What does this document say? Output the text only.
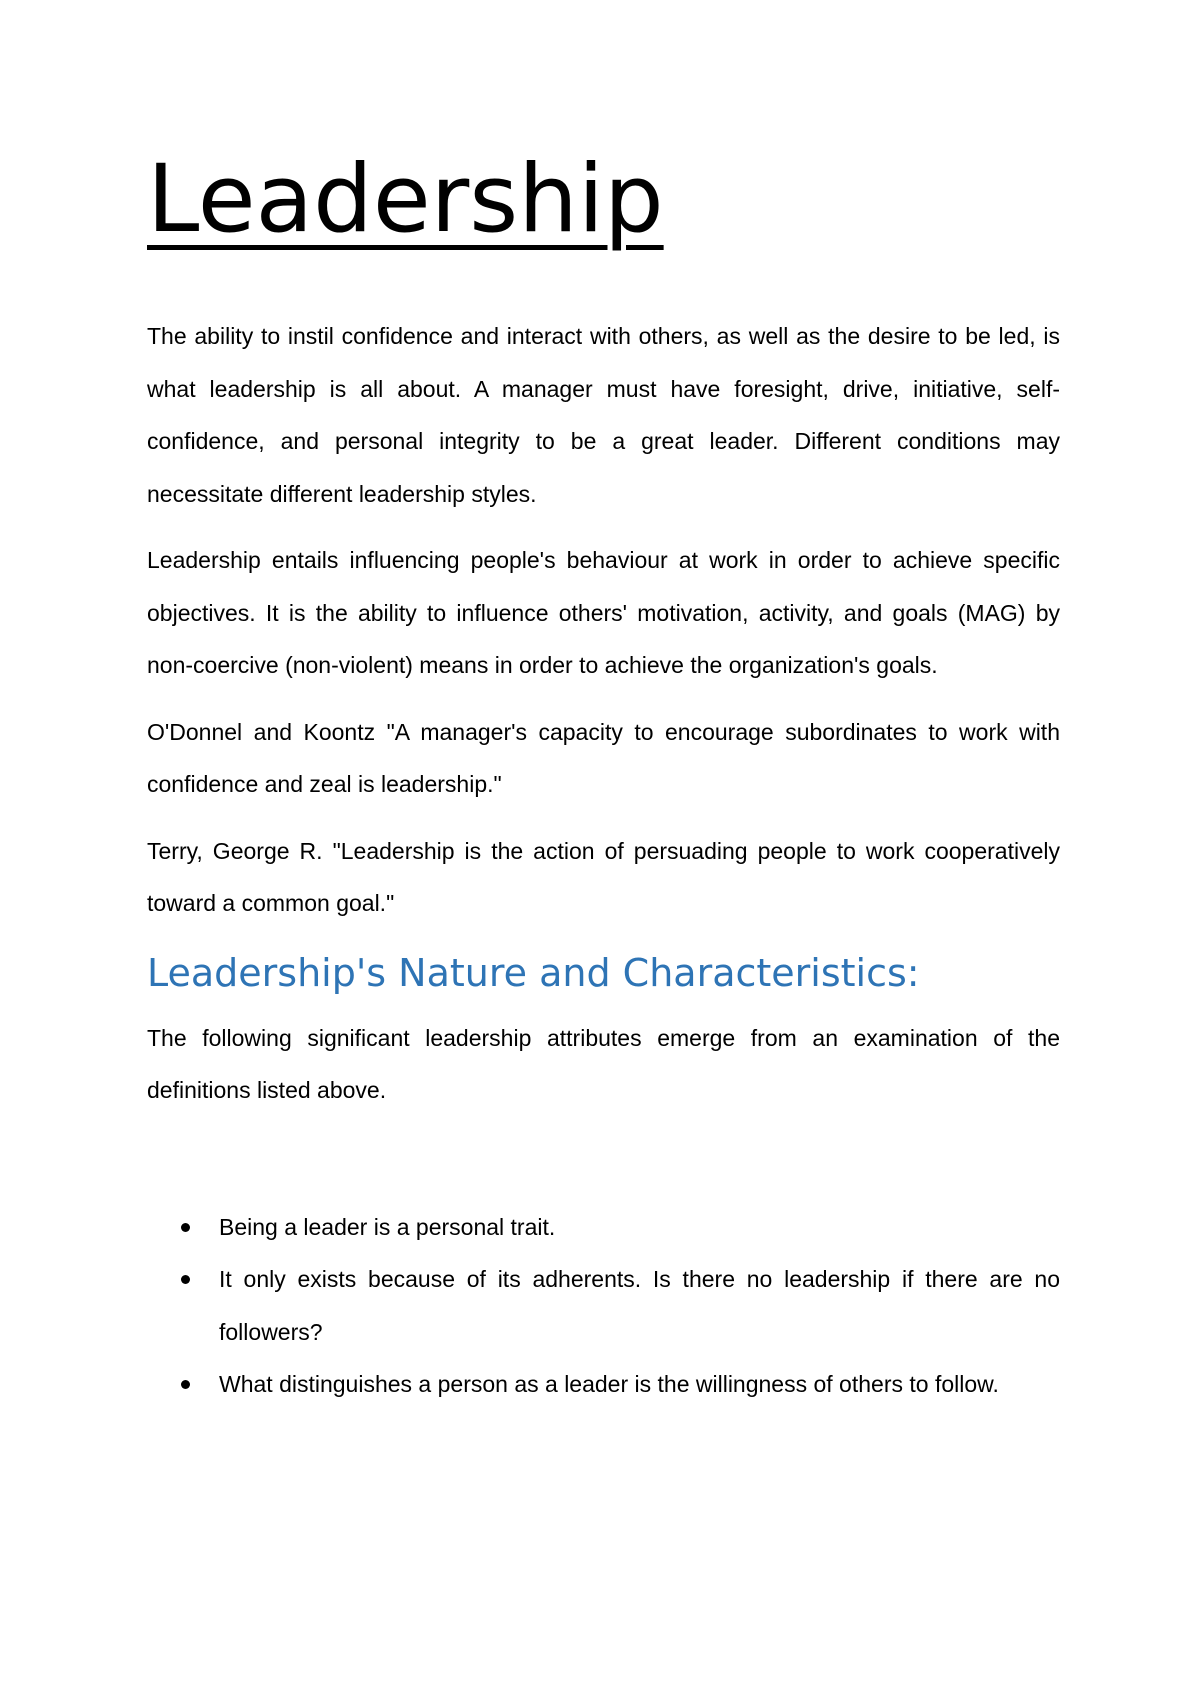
Leadership

The ability to instil confidence and interact with others, as well as the desire to be led, is what leadership is all about. A manager must have foresight, drive, initiative, self-confidence, and personal integrity to be a great leader. Different conditions may necessitate different leadership styles.

Leadership entails influencing people's behaviour at work in order to achieve specific objectives. It is the ability to influence others' motivation, activity, and goals (MAG) by non-coercive (non-violent) means in order to achieve the organization's goals.

O'Donnel and Koontz "A manager's capacity to encourage subordinates to work with confidence and zeal is leadership."

Terry, George R. "Leadership is the action of persuading people to work cooperatively toward a common goal."

Leadership's Nature and Characteristics:

The following significant leadership attributes emerge from an examination of the definitions listed above.

Being a leader is a personal trait.
It only exists because of its adherents. Is there no leadership if there are no followers?
What distinguishes a person as a leader is the willingness of others to follow.
